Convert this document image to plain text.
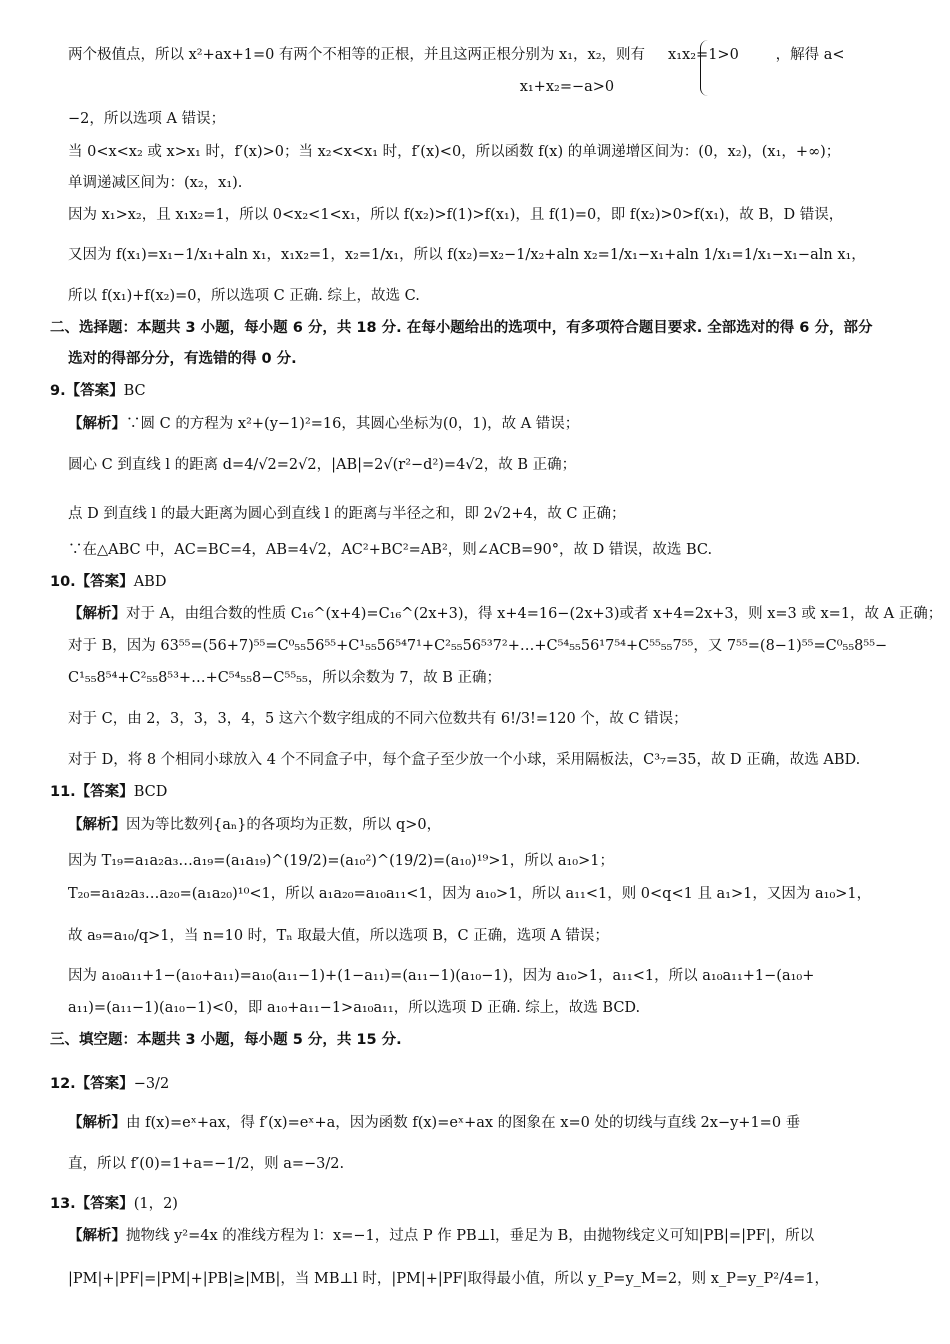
两个极值点，所以 x²+ax+1=0 有两个不相等的正根，并且这两正根分别为 x₁，x₂，则有     x₁x₂=1>0        ，解得 a<
x₁+x₂=−a>0
−2，所以选项 A 错误；
当 0<x<x₂ 或 x>x₁ 时，f′(x)>0；当 x₂<x<x₁ 时，f′(x)<0，所以函数 f(x) 的单调递增区间为：(0，x₂)，(x₁，+∞)；
单调递减区间为：(x₂，x₁).
因为 x₁>x₂，且 x₁x₂=1，所以 0<x₂<1<x₁，所以 f(x₂)>f(1)>f(x₁)，且 f(1)=0，即 f(x₂)>0>f(x₁)，故 B，D 错误，
又因为 f(x₁)=x₁−1/x₁+aln x₁，x₁x₂=1，x₂=1/x₁，所以 f(x₂)=x₂−1/x₂+aln x₂=1/x₁−x₁+aln 1/x₁=1/x₁−x₁−aln x₁，
所以 f(x₁)+f(x₂)=0，所以选项 C 正确. 综上，故选 C.
二、选择题：本题共 3 小题，每小题 6 分，共 18 分. 在每小题给出的选项中，有多项符合题目要求. 全部选对的得 6 分，部分
选对的得部分分，有选错的得 0 分.
9.【答案】BC
【解析】∵圆 C 的方程为 x²+(y−1)²=16，其圆心坐标为(0，1)，故 A 错误；
圆心 C 到直线 l 的距离 d=4/√2=2√2，|AB|=2√(r²−d²)=4√2，故 B 正确；
点 D 到直线 l 的最大距离为圆心到直线 l 的距离与半径之和，即 2√2+4，故 C 正确；
∵在△ABC 中，AC=BC=4，AB=4√2，AC²+BC²=AB²，则∠ACB=90°，故 D 错误，故选 BC.
10.【答案】ABD
【解析】对于 A，由组合数的性质 C₁₆^(x+4)=C₁₆^(2x+3)，得 x+4=16−(2x+3)或者 x+4=2x+3，则 x=3 或 x=1，故 A 正确；
对于 B，因为 63⁵⁵=(56+7)⁵⁵=C⁰₅₅56⁵⁵+C¹₅₅56⁵⁴7¹+C²₅₅56⁵³7²+…+C⁵⁴₅₅56¹7⁵⁴+C⁵⁵₅₅7⁵⁵，又 7⁵⁵=(8−1)⁵⁵=C⁰₅₅8⁵⁵−
C¹₅₅8⁵⁴+C²₅₅8⁵³+…+C⁵⁴₅₅8−C⁵⁵₅₅，所以余数为 7，故 B 正确；
对于 C，由 2，3，3，3，4，5 这六个数字组成的不同六位数共有 6!/3!=120 个，故 C 错误；
对于 D，将 8 个相同小球放入 4 个不同盒子中，每个盒子至少放一个小球，采用隔板法，C³₇=35，故 D 正确，故选 ABD.
11.【答案】BCD
【解析】因为等比数列{aₙ}的各项均为正数，所以 q>0，
因为 T₁₉=a₁a₂a₃…a₁₉=(a₁a₁₉)^(19/2)=(a₁₀²)^(19/2)=(a₁₀)¹⁹>1，所以 a₁₀>1；
T₂₀=a₁a₂a₃…a₂₀=(a₁a₂₀)¹⁰<1，所以 a₁a₂₀=a₁₀a₁₁<1，因为 a₁₀>1，所以 a₁₁<1，则 0<q<1 且 a₁>1，又因为 a₁₀>1，
故 a₉=a₁₀/q>1，当 n=10 时，Tₙ 取最大值，所以选项 B，C 正确，选项 A 错误；
因为 a₁₀a₁₁+1−(a₁₀+a₁₁)=a₁₀(a₁₁−1)+(1−a₁₁)=(a₁₁−1)(a₁₀−1)，因为 a₁₀>1，a₁₁<1，所以 a₁₀a₁₁+1−(a₁₀+
a₁₁)=(a₁₁−1)(a₁₀−1)<0，即 a₁₀+a₁₁−1>a₁₀a₁₁，所以选项 D 正确. 综上，故选 BCD.
三、填空题：本题共 3 小题，每小题 5 分，共 15 分.
12.【答案】−3/2
【解析】由 f(x)=eˣ+ax，得 f′(x)=eˣ+a，因为函数 f(x)=eˣ+ax 的图象在 x=0 处的切线与直线 2x−y+1=0 垂
直，所以 f′(0)=1+a=−1/2，则 a=−3/2.
13.【答案】(1，2)
【解析】抛物线 y²=4x 的准线方程为 l：x=−1，过点 P 作 PB⊥l，垂足为 B，由抛物线定义可知|PB|=|PF|，所以
|PM|+|PF|=|PM|+|PB|≥|MB|，当 MB⊥l 时，|PM|+|PF|取得最小值，所以 y_P=y_M=2，则 x_P=y_P²/4=1，
